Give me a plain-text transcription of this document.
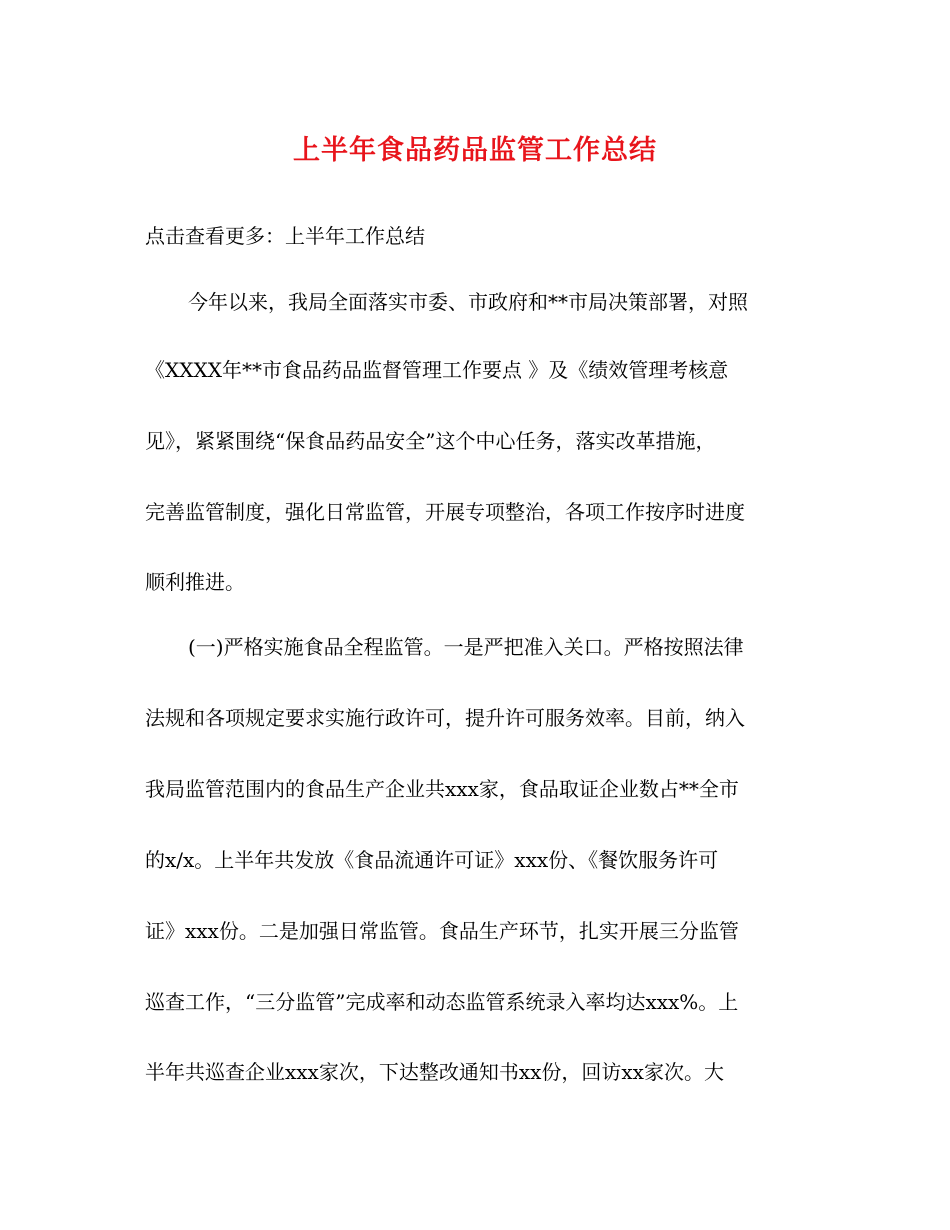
上半年食品药品监管工作总结
点击查看更多：上半年工作总结

今年以来，我局全面落实市委、市政府和**市局决策部署，对照

《XXXX年**市食品药品监督管理工作要点 》及《绩效管理考核意

见》，紧紧围绕“保食品药品安全”这个中心任务，落实改革措施，

完善监管制度，强化日常监管，开展专项整治，各项工作按序时进度

顺利推进。

(一)严格实施食品全程监管。一是严把准入关口。严格按照法律

法规和各项规定要求实施行政许可，提升许可服务效率。目前，纳入

我局监管范围内的食品生产企业共xxx家，食品取证企业数占**全市

的x/x。上半年共发放《食品流通许可证》xxx份、《餐饮服务许可

证》xxx份。二是加强日常监管。食品生产环节，扎实开展三分监管

巡查工作，“三分监管”完成率和动态监管系统录入率均达xxx%。上

半年共巡查企业xxx家次，下达整改通知书xx份，回访xx家次。大
